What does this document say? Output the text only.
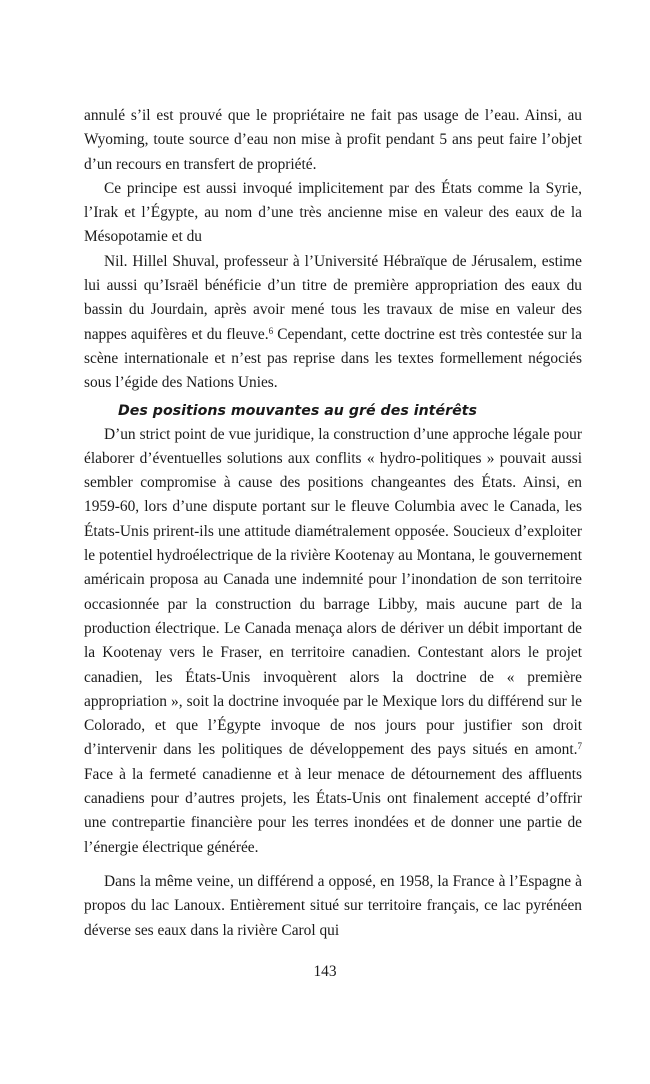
annulé s’il est prouvé que le propriétaire ne fait pas usage de l’eau. Ainsi, au Wyoming, toute source d’eau non mise à profit pendant 5 ans peut faire l’objet d’un recours en transfert de propriété.

Ce principe est aussi invoqué implicitement par des États comme la Syrie, l’Irak et l’Égypte, au nom d’une très ancienne mise en valeur des eaux de la Mésopotamie et du

Nil. Hillel Shuval, professeur à l’Université Hébraïque de Jérusalem, estime lui aussi qu’Israël bénéficie d’un titre de première appropriation des eaux du bassin du Jourdain, après avoir mené tous les travaux de mise en valeur des nappes aquifères et du fleuve.$^6$ Cependant, cette doctrine est très contestée sur la scène internationale et n’est pas reprise dans les textes formellement négociés sous l’égide des Nations Unies.

Des positions mouvantes au gré des intérêts

D’un strict point de vue juridique, la construction d’une approche légale pour élaborer d’éventuelles solutions aux conflits « hydro-politiques » pouvait aussi sembler compromise à cause des positions changeantes des États. Ainsi, en 1959-60, lors d’une dispute portant sur le fleuve Columbia avec le Canada, les États-Unis prirent-ils une attitude diamétralement opposée. Soucieux d’exploiter le potentiel hydroélectrique de la rivière Kootenay au Montana, le gouvernement américain proposa au Canada une indemnité pour l’inondation de son territoire occasionnée par la construction du barrage Libby, mais aucune part de la production électrique. Le Canada menaça alors de dériver un débit important de la Kootenay vers le Fraser, en territoire canadien. Contestant alors le projet canadien, les États-Unis invoquèrent alors la doctrine de « première appropriation », soit la doctrine invoquée par le Mexique lors du différend sur le Colorado, et que l’Égypte invoque de nos jours pour justifier son droit d’intervenir dans les politiques de développement des pays situés en amont.$^7$ Face à la fermeté canadienne et à leur menace de détournement des affluents canadiens pour d’autres projets, les États-Unis ont finalement accepté d’offrir une contrepartie financière pour les terres inondées et de donner une partie de l’énergie électrique générée.

Dans la même veine, un différend a opposé, en 1958, la France à l’Espagne à propos du lac Lanoux. Entièrement situé sur territoire français, ce lac pyrénéen déverse ses eaux dans la rivière Carol qui

143
